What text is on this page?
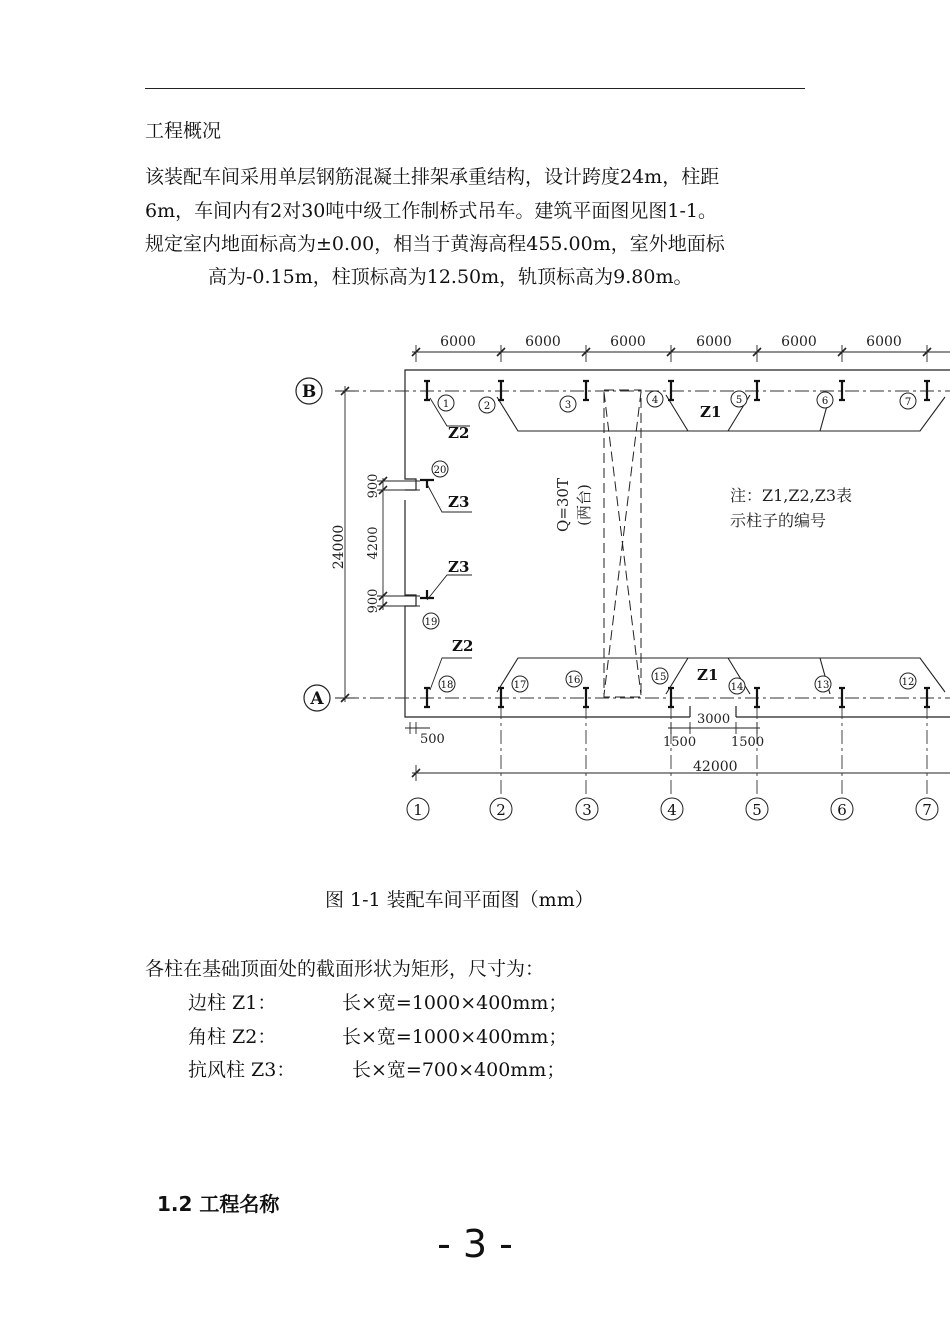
工程概况
该装配车间采用单层钢筋混凝土排架承重结构，设计跨度24m，柱距
6m，车间内有2对30吨中级工作制桥式吊车。建筑平面图见图1-1。
规定室内地面标高为±0.00，相当于黄海高程455.00m，室外地面标
高为-0.15m，柱顶标高为12.50m，轨顶标高为9.80m。
6000	6000	6000	6000	6000	6000
24000
900
4200
900
500	1500
3000
1500
42000
B
A
1	2	3	4	5	6	7
1	2	3	4	5	6	7
18	17	16	15
14	13	12
20
19
Z1
Z1
Z2
Z2
Z3
Z3
Q=30T (两台)	注：Z1,Z2,Z3表
示柱子的编号
图 1-1 装配车间平面图（mm）
各柱在基础顶面处的截面形状为矩形，尺寸为：
边柱 Z1：	长×宽=1000×400mm；
角柱 Z2：	长×宽=1000×400mm；
抗风柱 Z3：	长×宽=700×400mm；
1.2 工程名称
- 3 -
